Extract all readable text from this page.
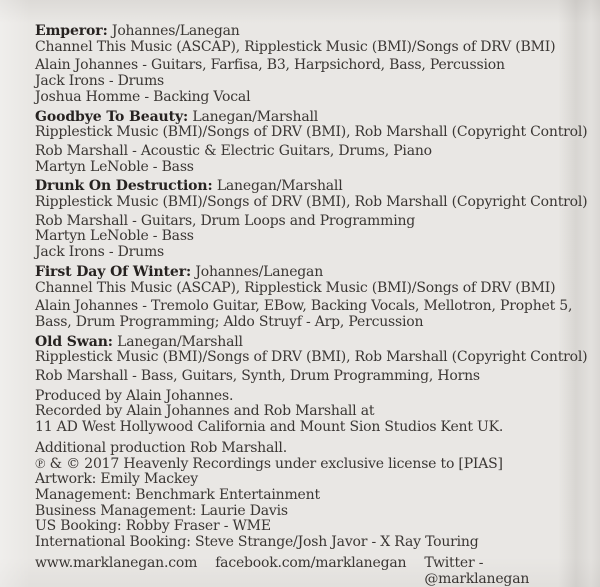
Emperor: Johannes/Lanegan
Channel This Music (ASCAP), Ripplestick Music (BMI)/Songs of DRV (BMI)
Alain Johannes - Guitars, Farfisa, B3, Harpsichord, Bass, Percussion
Jack Irons - Drums
Joshua Homme - Backing Vocal
Goodbye To Beauty: Lanegan/Marshall
Ripplestick Music (BMI)/Songs of DRV (BMI), Rob Marshall (Copyright Control)
Rob Marshall - Acoustic & Electric Guitars, Drums, Piano
Martyn LeNoble - Bass
Drunk On Destruction: Lanegan/Marshall
Ripplestick Music (BMI)/Songs of DRV (BMI), Rob Marshall (Copyright Control)
Rob Marshall - Guitars, Drum Loops and Programming
Martyn LeNoble - Bass
Jack Irons - Drums
First Day Of Winter: Johannes/Lanegan
Channel This Music (ASCAP), Ripplestick Music (BMI)/Songs of DRV (BMI)
Alain Johannes - Tremolo Guitar, EBow, Backing Vocals, Mellotron, Prophet 5, Bass, Drum Programming; Aldo Struyf - Arp, Percussion
Old Swan: Lanegan/Marshall
Ripplestick Music (BMI)/Songs of DRV (BMI), Rob Marshall (Copyright Control)
Rob Marshall - Bass, Guitars, Synth, Drum Programming, Horns
Produced by Alain Johannes.
Recorded by Alain Johannes and Rob Marshall at
11 AD West Hollywood California and Mount Sion Studios Kent UK.
Additional production Rob Marshall.
℗ & © 2017 Heavenly Recordings under exclusive license to [PIAS]
Artwork: Emily Mackey
Management: Benchmark Entertainment
Business Management: Laurie Davis
US Booking: Robby Fraser - WME
International Booking: Steve Strange/Josh Javor - X Ray Touring
www.marklanegan.com facebook.com/marklanegan Twitter - @marklanegan
